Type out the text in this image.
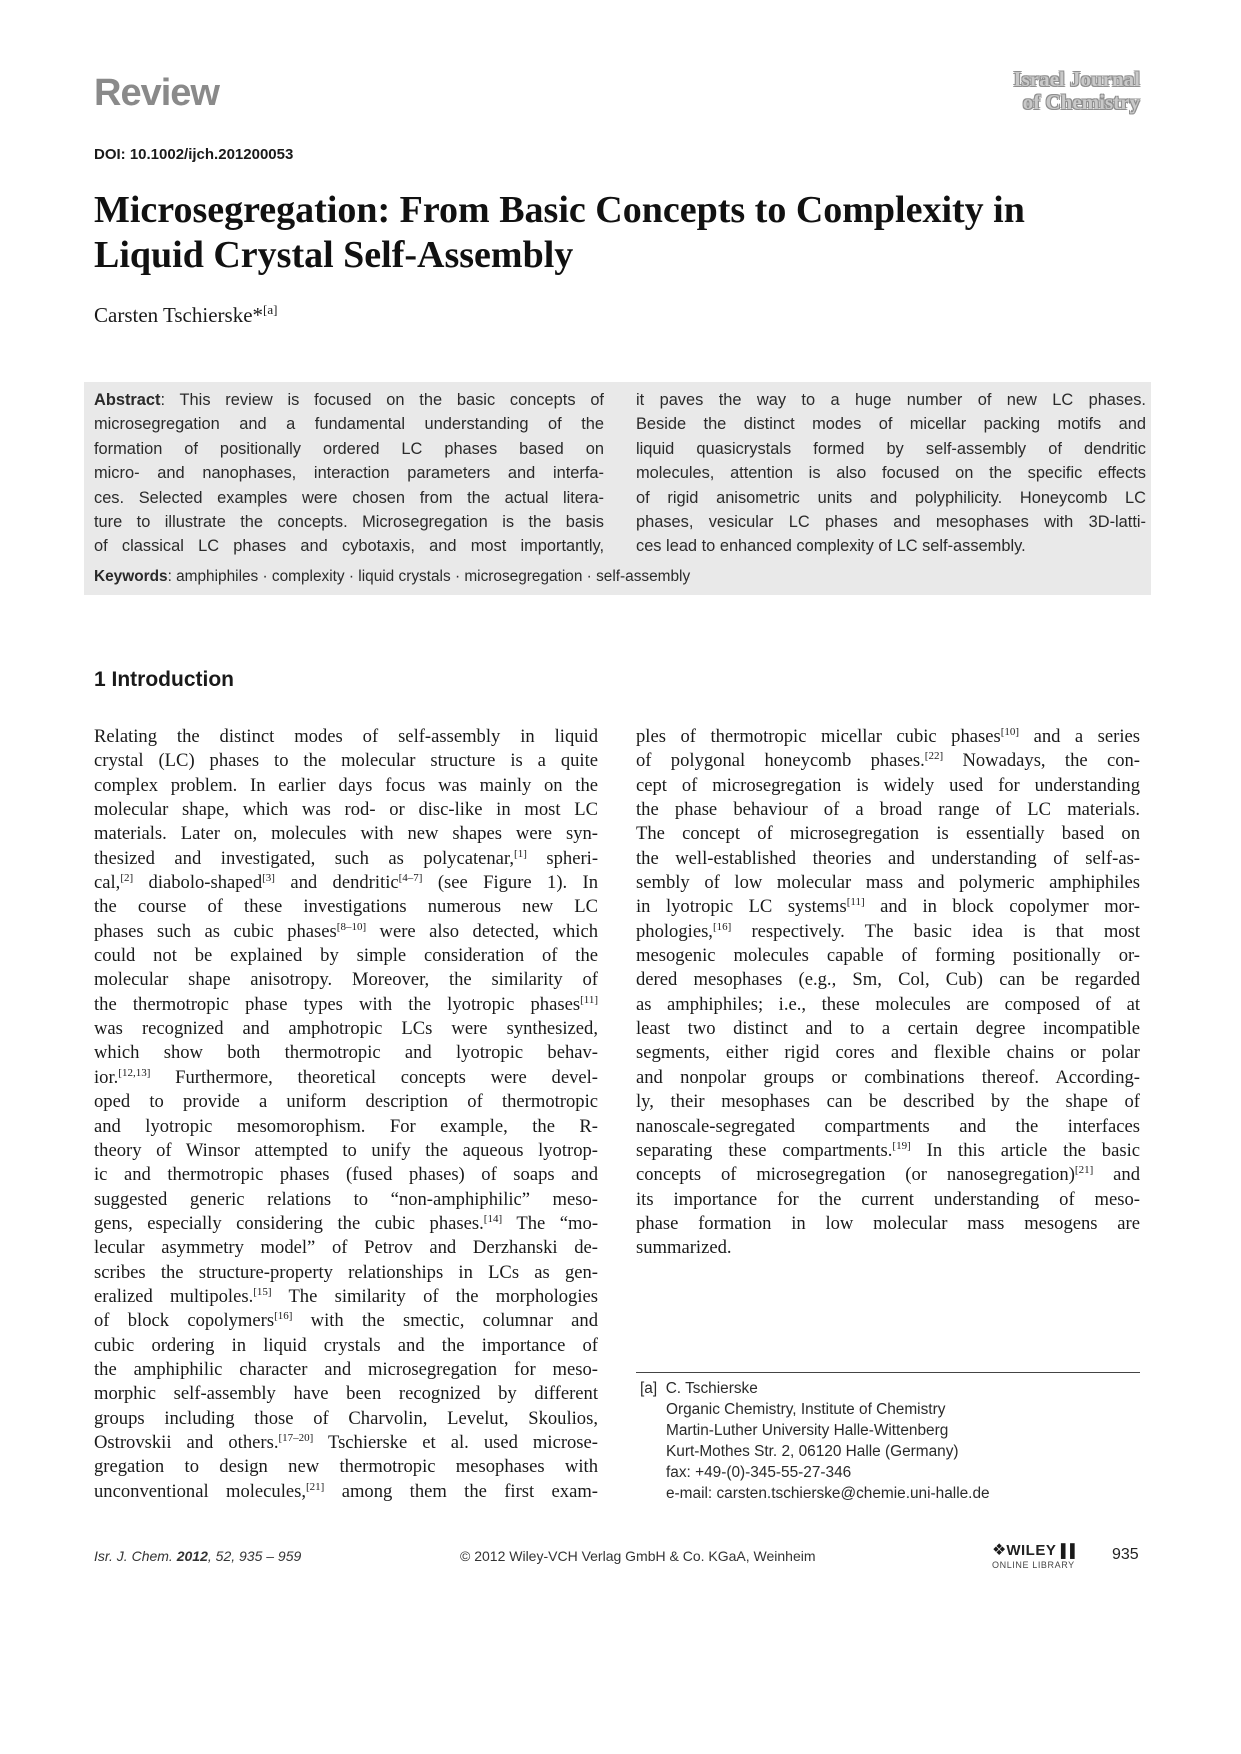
Review	Israel Journal
of Chemistry
DOI: 10.1002/ijch.201200053
Microsegregation: From Basic Concepts to Complexity in
Liquid Crystal Self-Assembly
Carsten Tschierske*[a]
Abstract: This review is focused on the basic concepts of
microsegregation and a fundamental understanding of the
formation of positionally ordered LC phases based on
micro- and nanophases, interaction parameters and interfa-
ces. Selected examples were chosen from the actual litera-
ture to illustrate the concepts. Microsegregation is the basis
of classical LC phases and cybotaxis, and most importantly,
it paves the way to a huge number of new LC phases.
Beside the distinct modes of micellar packing motifs and
liquid quasicrystals formed by self-assembly of dendritic
molecules, attention is also focused on the specific effects
of rigid anisometric units and polyphilicity. Honeycomb LC
phases, vesicular LC phases and mesophases with 3D-latti-
ces lead to enhanced complexity of LC self-assembly.
Keywords: amphiphiles · complexity · liquid crystals · microsegregation · self-assembly
1 Introduction
Relating the distinct modes of self-assembly in liquid
crystal (LC) phases to the molecular structure is a quite
complex problem. In earlier days focus was mainly on the
molecular shape, which was rod- or disc-like in most LC
materials. Later on, molecules with new shapes were syn-
thesized and investigated, such as polycatenar,[1] spheri-
cal,[2] diabolo-shaped[3] and dendritic[4–7] (see Figure 1). In
the course of these investigations numerous new LC
phases such as cubic phases[8–10] were also detected, which
could not be explained by simple consideration of the
molecular shape anisotropy. Moreover, the similarity of
the thermotropic phase types with the lyotropic phases[11]
was recognized and amphotropic LCs were synthesized,
which show both thermotropic and lyotropic behav-
ior.[12,13] Furthermore, theoretical concepts were devel-
oped to provide a uniform description of thermotropic
and lyotropic mesomorophism. For example, the R-
theory of Winsor attempted to unify the aqueous lyotrop-
ic and thermotropic phases (fused phases) of soaps and
suggested generic relations to “non-amphiphilic” meso-
gens, especially considering the cubic phases.[14] The “mo-
lecular asymmetry model” of Petrov and Derzhanski de-
scribes the structure-property relationships in LCs as gen-
eralized multipoles.[15] The similarity of the morphologies
of block copolymers[16] with the smectic, columnar and
cubic ordering in liquid crystals and the importance of
the amphiphilic character and microsegregation for meso-
morphic self-assembly have been recognized by different
groups including those of Charvolin, Levelut, Skoulios,
Ostrovskii and others.[17–20] Tschierske et al. used microse-
gregation to design new thermotropic mesophases with
unconventional molecules,[21] among them the first exam-
ples of thermotropic micellar cubic phases[10] and a series
of polygonal honeycomb phases.[22] Nowadays, the con-
cept of microsegregation is widely used for understanding
the phase behaviour of a broad range of LC materials.
The concept of microsegregation is essentially based on
the well-established theories and understanding of self-as-
sembly of low molecular mass and polymeric amphiphiles
in lyotropic LC systems[11] and in block copolymer mor-
phologies,[16] respectively. The basic idea is that most
mesogenic molecules capable of forming positionally or-
dered mesophases (e.g., Sm, Col, Cub) can be regarded
as amphiphiles; i.e., these molecules are composed of at
least two distinct and to a certain degree incompatible
segments, either rigid cores and flexible chains or polar
and nonpolar groups or combinations thereof. According-
ly, their mesophases can be described by the shape of
nanoscale-segregated compartments and the interfaces
separating these compartments.[19] In this article the basic
concepts of microsegregation (or nanosegregation)[21] and
its importance for the current understanding of meso-
phase formation in low molecular mass mesogens are
summarized.
[a] C. Tschierske
Organic Chemistry, Institute of Chemistry
Martin-Luther University Halle-Wittenberg
Kurt-Mothes Str. 2, 06120 Halle (Germany)
fax: +49-(0)-345-55-27-346
e-mail: carsten.tschierske@chemie.uni-halle.de
Isr. J. Chem. 2012, 52, 935 – 959	© 2012 Wiley-VCH Verlag GmbH & Co. KGaA, Weinheim	❖WILEY▐▐
ONLINE LIBRARY
935
